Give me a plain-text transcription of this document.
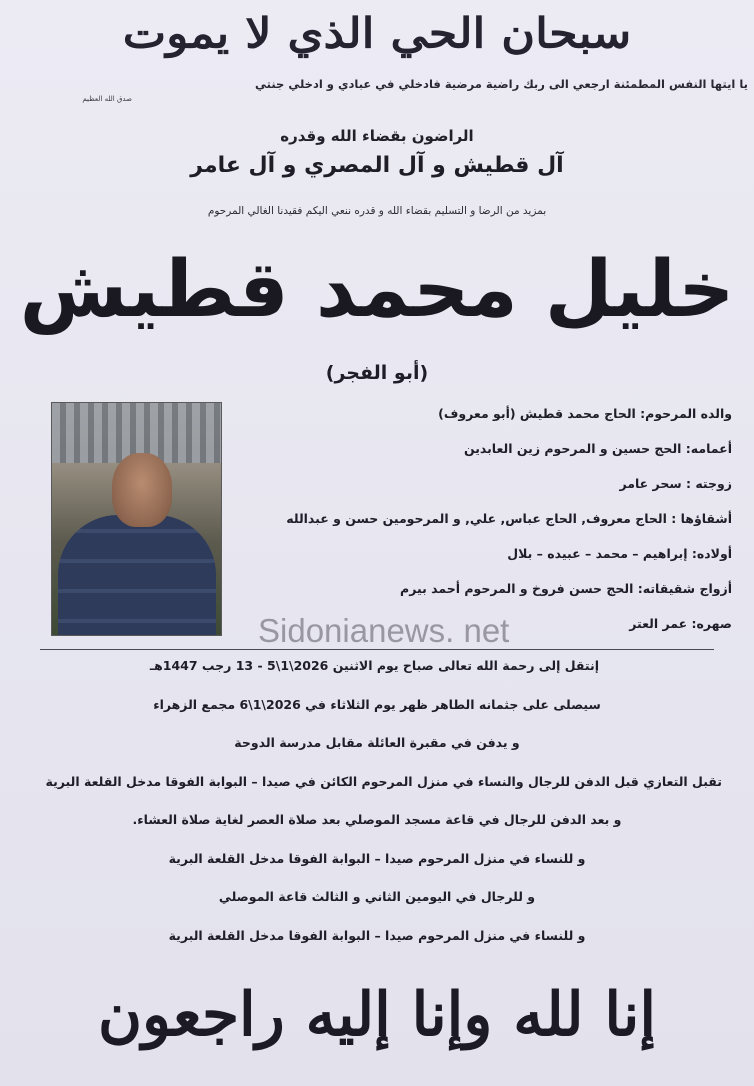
سبحان الحي الذي لا يموت
يا ايتها النفس المطمئنة ارجعي الى ربك راضية مرضية فادخلي في عبادي و ادخلي جنتي
صدق الله العظيم
الراضون بقضاء الله وقدره
آل قطيش و آل المصري و آل عامر
بمزيد من الرضا و التسليم بقضاء الله و قدره ننعي اليكم فقيدنا الغالي المرحوم
خليل محمد قطيش
(أبو الفجر)
والده المرحوم: الحاج محمد قطيش (أبو معروف)
أعمامه: الحج حسين و المرحوم زين العابدين
زوجته : سحر عامر
أشقاؤها : الحاج معروف, الحاج عباس, علي, و المرحومين حسن و عبدالله
أولاده: إبراهيم – محمد – عبيده – بلال
أزواج شقيقاته: الحج حسن فروخ و المرحوم أحمد بيرم
صهره: عمر العتر
Sidonianews. net
إنتقل إلى رحمة الله تعالى صباح يوم الاثنين 2026\1\5 - 13 رجب 1447هـ
سيصلى على جثمانه الطاهر ظهر يوم الثلاثاء في 2026\1\6 مجمع الزهراء
و يدفن في مقبرة العائلة مقابل مدرسة الدوحة
تقبل التعازي قبل الدفن للرجال والنساء في منزل المرحوم الكائن في صيدا – البوابة الفوقا مدخل القلعة البرية
و بعد الدفن للرجال في قاعة مسجد الموصلي بعد صلاة العصر لغاية صلاة العشاء.
و للنساء في منزل المرحوم صيدا – البوابة الفوقا مدخل القلعة البرية
و للرجال في اليومين الثاني و الثالث قاعة الموصلي
و للنساء في منزل المرحوم صيدا – البوابة الفوقا مدخل القلعة البرية
إنا لله وإنا إليه راجعون
